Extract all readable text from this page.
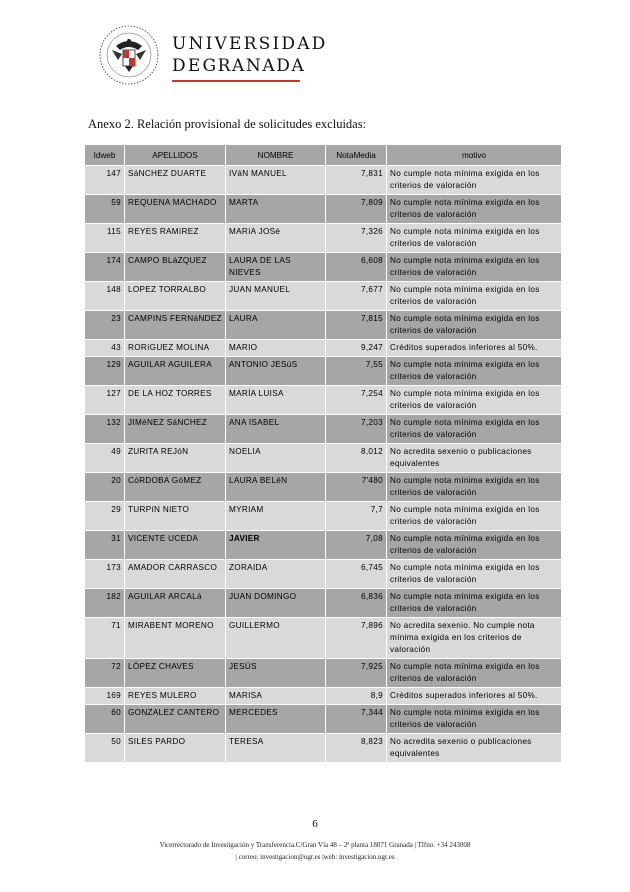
UNIVERSIDAD
DEGRANADA
Anexo 2. Relación provisional de solicitudes excluidas:
Idweb	APELLIDOS	NOMBRE	NotaMedia	motivo
147	SáNCHEZ DUARTE	IVáN MANUEL	7,831	No cumple nota mínima exigida en los criterios de valoración
59	REQUENA MACHADO	MARTA	7,809	No cumple nota mínima exigida en los criterios de valoración
115	REYES RAMíREZ	MARíA JOSé	7,326	No cumple nota mínima exigida en los criterios de valoración
174	CAMPO BLáZQUEZ	LAURA DE LAS NIEVES	6,608	No cumple nota mínima exigida en los criterios de valoración
148	LOPEZ TORRALBO	JUAN MANUEL	7,677	No cumple nota mínima exigida en los criterios de valoración
23	CAMPINS FERNáNDEZ	LAURA	7,815	No cumple nota mínima exigida en los criterios de valoración
43	RORíGUEZ MOLINA	MARIO	9,247	Créditos superados inferiores al 50%.
129	AGUILAR AGUILERA	ANTONIO JESúS	7,55	No cumple nota mínima exigida en los criterios de valoración
127	DE LA HOZ TORRES	MARÍA LUISA	7,254	No cumple nota mínima exigida en los criterios de valoración
132	JIMéNEZ SáNCHEZ	ANA ISABEL	7,203	No cumple nota mínima exigida en los criterios de valoración
49	ZURITA REJóN	NOELIA	8,012	No acredita sexenio o publicaciones equivalentes
20	CóRDOBA GóMEZ	LAURA BELéN	7'480	No cumple nota mínima exigida en los criterios de valoración
29	TURPíN NIETO	MYRIAM	7,7	No cumple nota mínima exigida en los criterios de valoración
31	VICENTE UCEDA	JAVIER	7,08	No cumple nota mínima exigida en los criterios de valoración
173	AMADOR CARRASCO	ZORAIDA	6,745	No cumple nota mínima exigida en los criterios de valoración
182	AGUILAR ARCALá	JUAN DOMINGO	6,836	No cumple nota mínima exigida en los criterios de valoración
71	MIRABENT MORENO	GUILLERMO	7,896	No acredita sexenio. No cumple nota mínima exigida en los criterios de valoración
72	LÓPEZ CHAVES	JESÚS	7,925	No cumple nota mínima exigida en los criterios de valoración
169	REYES MULERO	MARISA	8,9	Créditos superados inferiores al 50%.
60	GONZALEZ CANTERO	MERCEDES	7,344	No cumple nota mínima exigida en los criterios de valoración
50	SILES PARDO	TERESA	8,823	No acredita sexenio o publicaciones equivalentes
6
Vicerrectorado de Investigación y Transferencia.C/Gran Vía 48 – 2ª planta 18071 Granada | Tlfno. +34 243008
| correo: investigacion@ugr.es |web: investigacion.ugr.es
